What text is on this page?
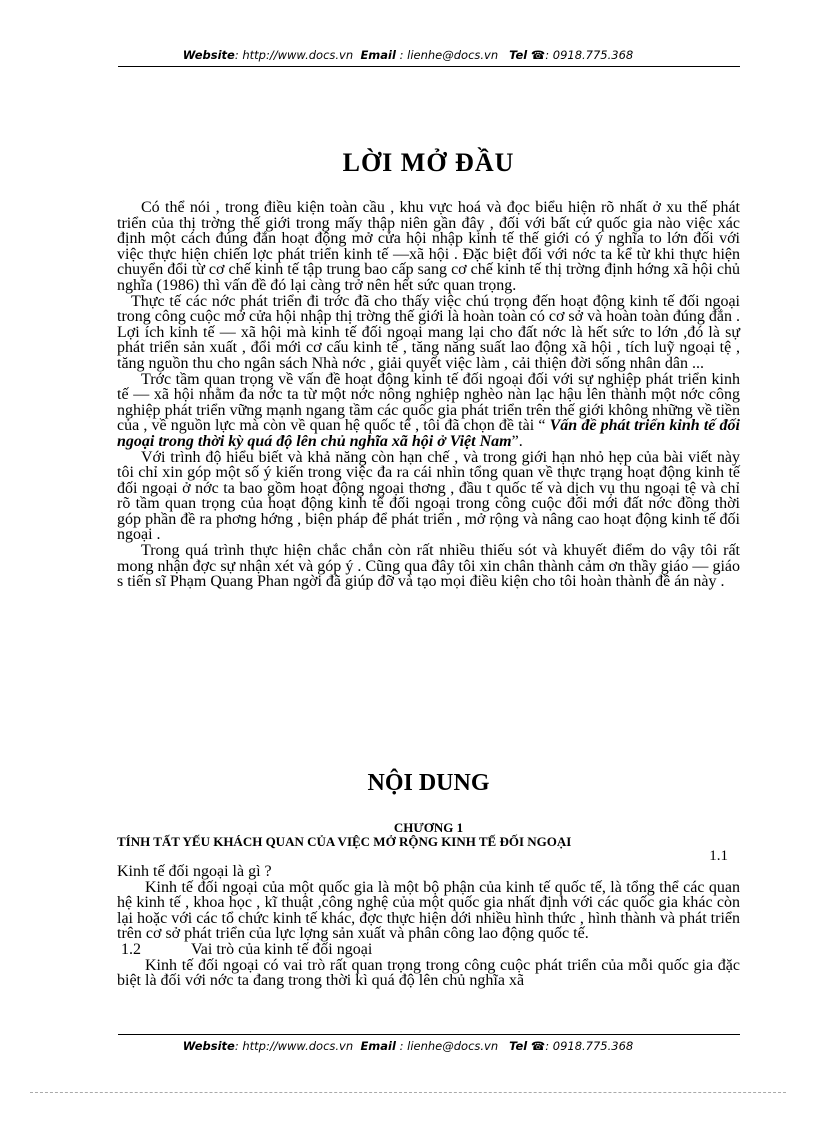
Website: http://www.docs.vn Email : lienhe@docs.vn Tel ☎: 0918.775.368
LỜI MỞ ĐẦU

Có thể nói , trong điều kiện toàn cầu , khu vực hoá và đọc biểu hiện rõ nhất ở xu thế phát triển của thị trờng thế giới trong mấy thập niên gần đây , đối với bất cứ quốc gia nào việc xác định một cách đúng đắn hoạt động mở cửa hội nhập kinh tế thế giới có ý nghĩa to lớn đối với việc thực hiện chiến lợc phát triển kinh tế —xã hội . Đặc biệt đối với nớc ta kể từ khi thực hiện chuyển đổi từ cơ chế kinh tế tập trung bao cấp sang cơ chế kinh tế thị trờng định hớng xã hội chủ nghĩa (1986) thì vấn đề đó lại càng trở nên hết sức quan trọng.

Thực tế các nớc phát triển đi trớc đã cho thấy việc chú trọng đến hoạt động kinh tế đối ngoại trong công cuộc mở cửa hội nhập thị trờng thế giới là hoàn toàn có cơ sở và hoàn toàn đúng đắn . Lợi ích kinh tế — xã hội mà kinh tế đối ngoại mang lại cho đất nớc là hết sức to lớn ,đó là sự phát triển sản xuất , đổi mới cơ cấu kinh tế , tăng năng suất lao động xã hội , tích luỹ ngoại tệ , tăng nguồn thu cho ngân sách Nhà nớc , giải quyết việc làm , cải thiện đời sống nhân dân ...

Trớc tầm quan trọng về vấn đề hoạt động kinh tế đối ngoại đối với sự nghiệp phát triển kinh tế — xã hội nhằm đa nớc ta từ một nớc nông nghiệp nghèo nàn lạc hậu lên thành một nớc công nghiệp phát triển vững mạnh ngang tầm các quốc gia phát triển trên thế giới không những về tiền của , về nguồn lực mà còn về quan hệ quốc tế , tôi đã chọn đề tài “ Vấn đề phát triển kinh tế đối ngoại trong thời kỳ quá độ lên chủ nghĩa xã hội ở Việt Nam”.

Với trình độ hiểu biết và khả năng còn hạn chế , và trong giới hạn nhỏ hẹp của bài viết này tôi chỉ xin góp một số ý kiến trong việc đa ra cái nhìn tổng quan về thực trạng hoạt động kinh tế đối ngoại ở nớc ta bao gồm hoạt động ngoại thơng , đầu t quốc tế và dịch vụ thu ngoại tệ và chỉ rõ tầm quan trọng của hoạt động kinh tế đối ngoại trong công cuộc đổi mới đất nớc đồng thời góp phần đề ra phơng hớng , biện pháp để phát triển , mở rộng và nâng cao hoạt động kinh tế đối ngoại .

Trong quá trình thực hiện chắc chắn còn rất nhiều thiếu sót và khuyết điểm do vậy tôi rất mong nhận đợc sự nhận xét và góp ý . Cũng qua đây tôi xin chân thành cảm ơn thầy giáo — giáo s tiến sĩ Phạm Quang Phan ngời đã giúp đỡ và tạo mọi điều kiện cho tôi hoàn thành đề án này .

NỘI DUNG
CHƯƠNG 1
TÍNH TẤT YẾU KHÁCH QUAN CỦA VIỆC MỞ RỘNG KINH TẾ ĐỐI NGOẠI
1.1

Kinh tế đối ngoại là gì ?

Kinh tế đối ngoại của một quốc gia là một bộ phận của kinh tế quốc tế, là tổng thể các quan hệ kinh tế , khoa học , kĩ thuật ,công nghệ của một quốc gia nhất định với các quốc gia khác còn lại hoặc với các tổ chức kinh tế khác, đợc thực hiện dới nhiều hình thức , hình thành và phát triển trên cơ sở phát triển của lực lợng sản xuất và phân công lao động quốc tế.

1.2	Vai trò của kinh tế đối ngoại

Kinh tế đối ngoại có vai trò rất quan trọng trong công cuộc phát triển của mỗi quốc gia đặc biệt là đối với nớc ta đang trong thời kì quá độ lên chủ nghĩa xã

Website: http://www.docs.vn Email : lienhe@docs.vn Tel ☎: 0918.775.368
